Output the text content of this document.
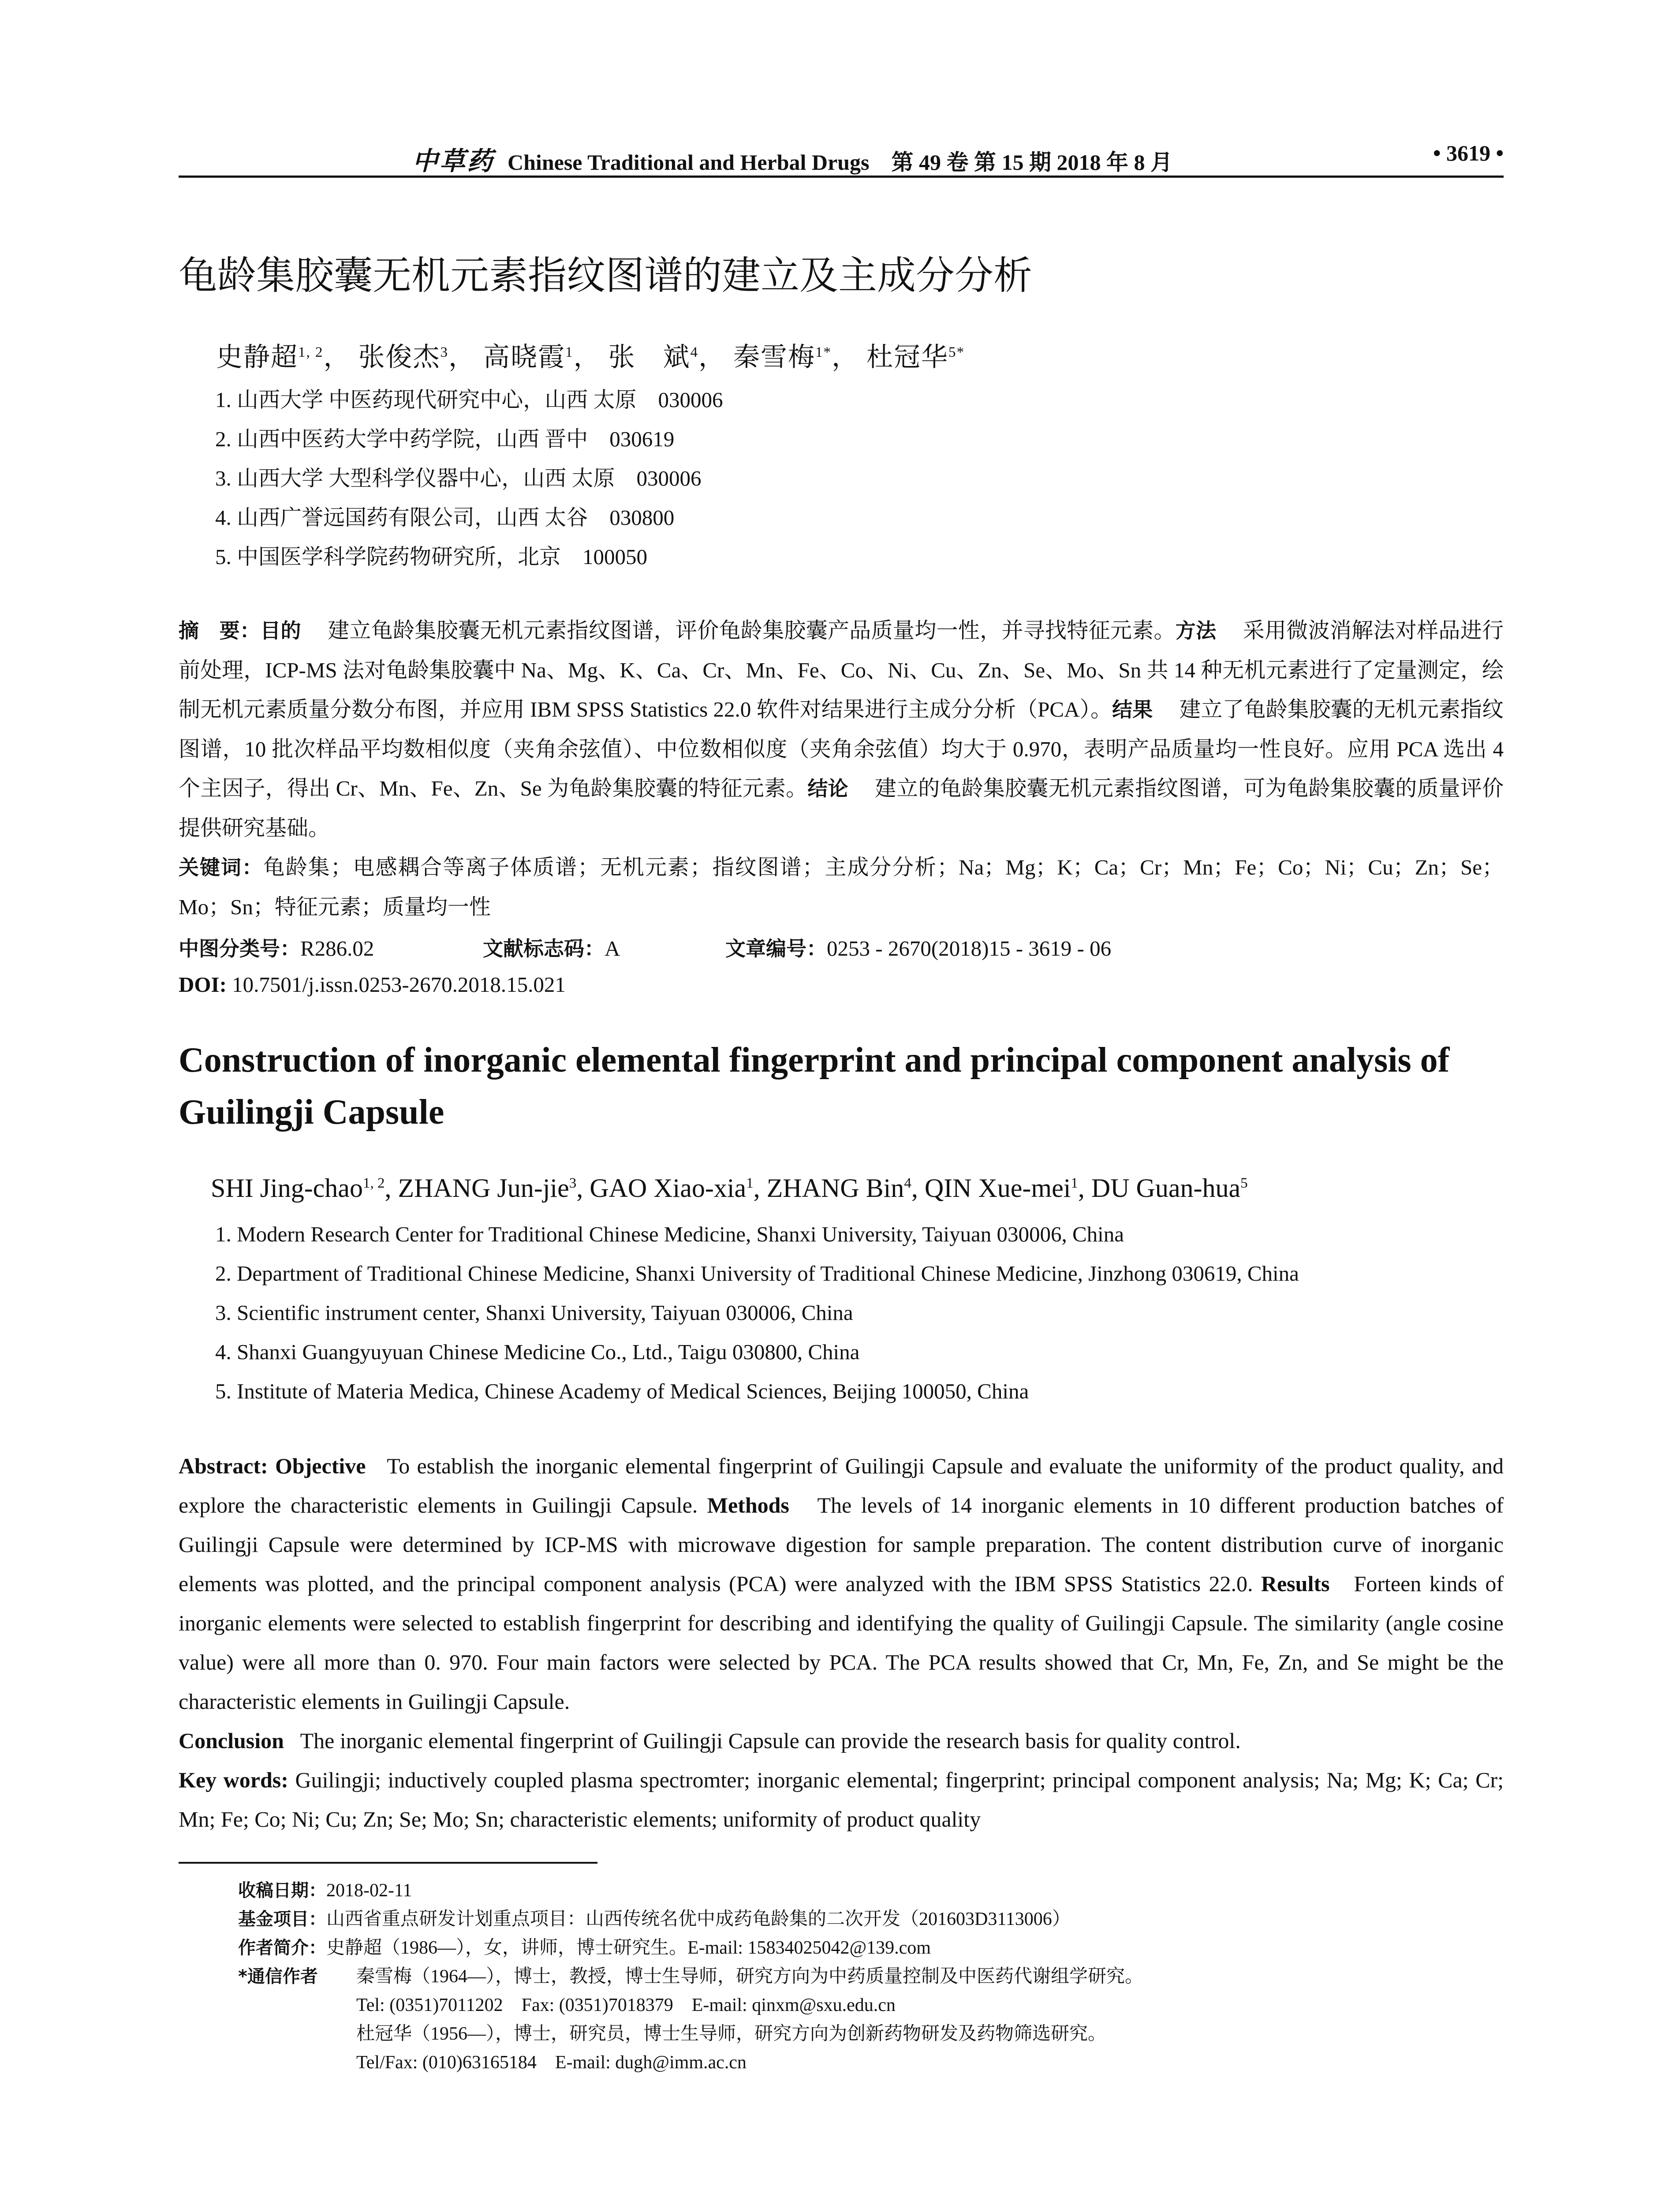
中草药 Chinese Traditional and Herbal Drugs　第 49 卷 第 15 期 2018 年 8 月	• 3619 •
龟龄集胶囊无机元素指纹图谱的建立及主成分分析
史静超$^{1, 2}$， 张俊杰$^3$， 高晓霞$^1$， 张　斌$^4$， 秦雪梅$^{1*}$， 杜冠华$^{5*}$
1. 山西大学 中医药现代研究中心，山西 太原　030006
2. 山西中医药大学中药学院，山西 晋中　030619
3. 山西大学 大型科学仪器中心，山西 太原　030006
4. 山西广誉远国药有限公司，山西 太谷　030800
5. 中国医学科学院药物研究所，北京　100050
摘　要：目的 建立龟龄集胶囊无机元素指纹图谱，评价龟龄集胶囊产品质量均一性，并寻找特征元素。方法 采用微波消解法对样品进行前处理，ICP-MS 法对龟龄集胶囊中 Na、Mg、K、Ca、Cr、Mn、Fe、Co、Ni、Cu、Zn、Se、Mo、Sn 共 14 种无机元素进行了定量测定，绘制无机元素质量分数分布图，并应用 IBM SPSS Statistics 22.0 软件对结果进行主成分分析（PCA）。结果 建立了龟龄集胶囊的无机元素指纹图谱，10 批次样品平均数相似度（夹角余弦值）、中位数相似度（夹角余弦值）均大于 0.970，表明产品质量均一性良好。应用 PCA 选出 4 个主因子，得出 Cr、Mn、Fe、Zn、Se 为龟龄集胶囊的特征元素。结论 建立的龟龄集胶囊无机元素指纹图谱，可为龟龄集胶囊的质量评价提供研究基础。
关键词：龟龄集；电感耦合等离子体质谱；无机元素；指纹图谱；主成分分析；Na；Mg；K；Ca；Cr；Mn；Fe；Co；Ni；Cu；Zn；Se；Mo；Sn；特征元素；质量均一性
中图分类号：R286.02	文献标志码：A	文章编号：0253 - 2670(2018)15 - 3619 - 06
DOI: 10.7501/j.issn.0253-2670.2018.15.021
Construction of inorganic elemental fingerprint and principal component analysis of Guilingji Capsule
SHI Jing-chao$^{1, 2}$, ZHANG Jun-jie$^3$, GAO Xiao-xia$^1$, ZHANG Bin$^4$, QIN Xue-mei$^1$, DU Guan-hua$^5$
1. Modern Research Center for Traditional Chinese Medicine, Shanxi University, Taiyuan 030006, China
2. Department of Traditional Chinese Medicine, Shanxi University of Traditional Chinese Medicine, Jinzhong 030619, China
3. Scientific instrument center, Shanxi University, Taiyuan 030006, China
4. Shanxi Guangyuyuan Chinese Medicine Co., Ltd., Taigu 030800, China
5. Institute of Materia Medica, Chinese Academy of Medical Sciences, Beijing 100050, China
Abstract: Objective To establish the inorganic elemental fingerprint of Guilingji Capsule and evaluate the uniformity of the product quality, and explore the characteristic elements in Guilingji Capsule. Methods The levels of 14 inorganic elements in 10 different production batches of Guilingji Capsule were determined by ICP-MS with microwave digestion for sample preparation. The content distribution curve of inorganic elements was plotted, and the principal component analysis (PCA) were analyzed with the IBM SPSS Statistics 22.0. Results Forteen kinds of inorganic elements were selected to establish fingerprint for describing and identifying the quality of Guilingji Capsule. The similarity (angle cosine value) were all more than 0. 970. Four main factors were selected by PCA. The PCA results showed that Cr, Mn, Fe, Zn, and Se might be the characteristic elements in Guilingji Capsule.
Conclusion The inorganic elemental fingerprint of Guilingji Capsule can provide the research basis for quality control.
Key words: Guilingji; inductively coupled plasma spectromter; inorganic elemental; fingerprint; principal component analysis; Na; Mg; K; Ca; Cr; Mn; Fe; Co; Ni; Cu; Zn; Se; Mo; Sn; characteristic elements; uniformity of product quality
收稿日期：2018-02-11
基金项目：山西省重点研发计划重点项目：山西传统名优中成药龟龄集的二次开发（201603D3113006）
作者简介：史静超（1986—），女，讲师，博士研究生。E-mail: 15834025042@139.com
*通信作者 秦雪梅（1964—），博士，教授，博士生导师，研究方向为中药质量控制及中医药代谢组学研究。
Tel: (0351)7011202　Fax: (0351)7018379　E-mail: qinxm@sxu.edu.cn
杜冠华（1956—），博士，研究员，博士生导师，研究方向为创新药物研发及药物筛选研究。
Tel/Fax: (010)63165184　E-mail: dugh@imm.ac.cn
